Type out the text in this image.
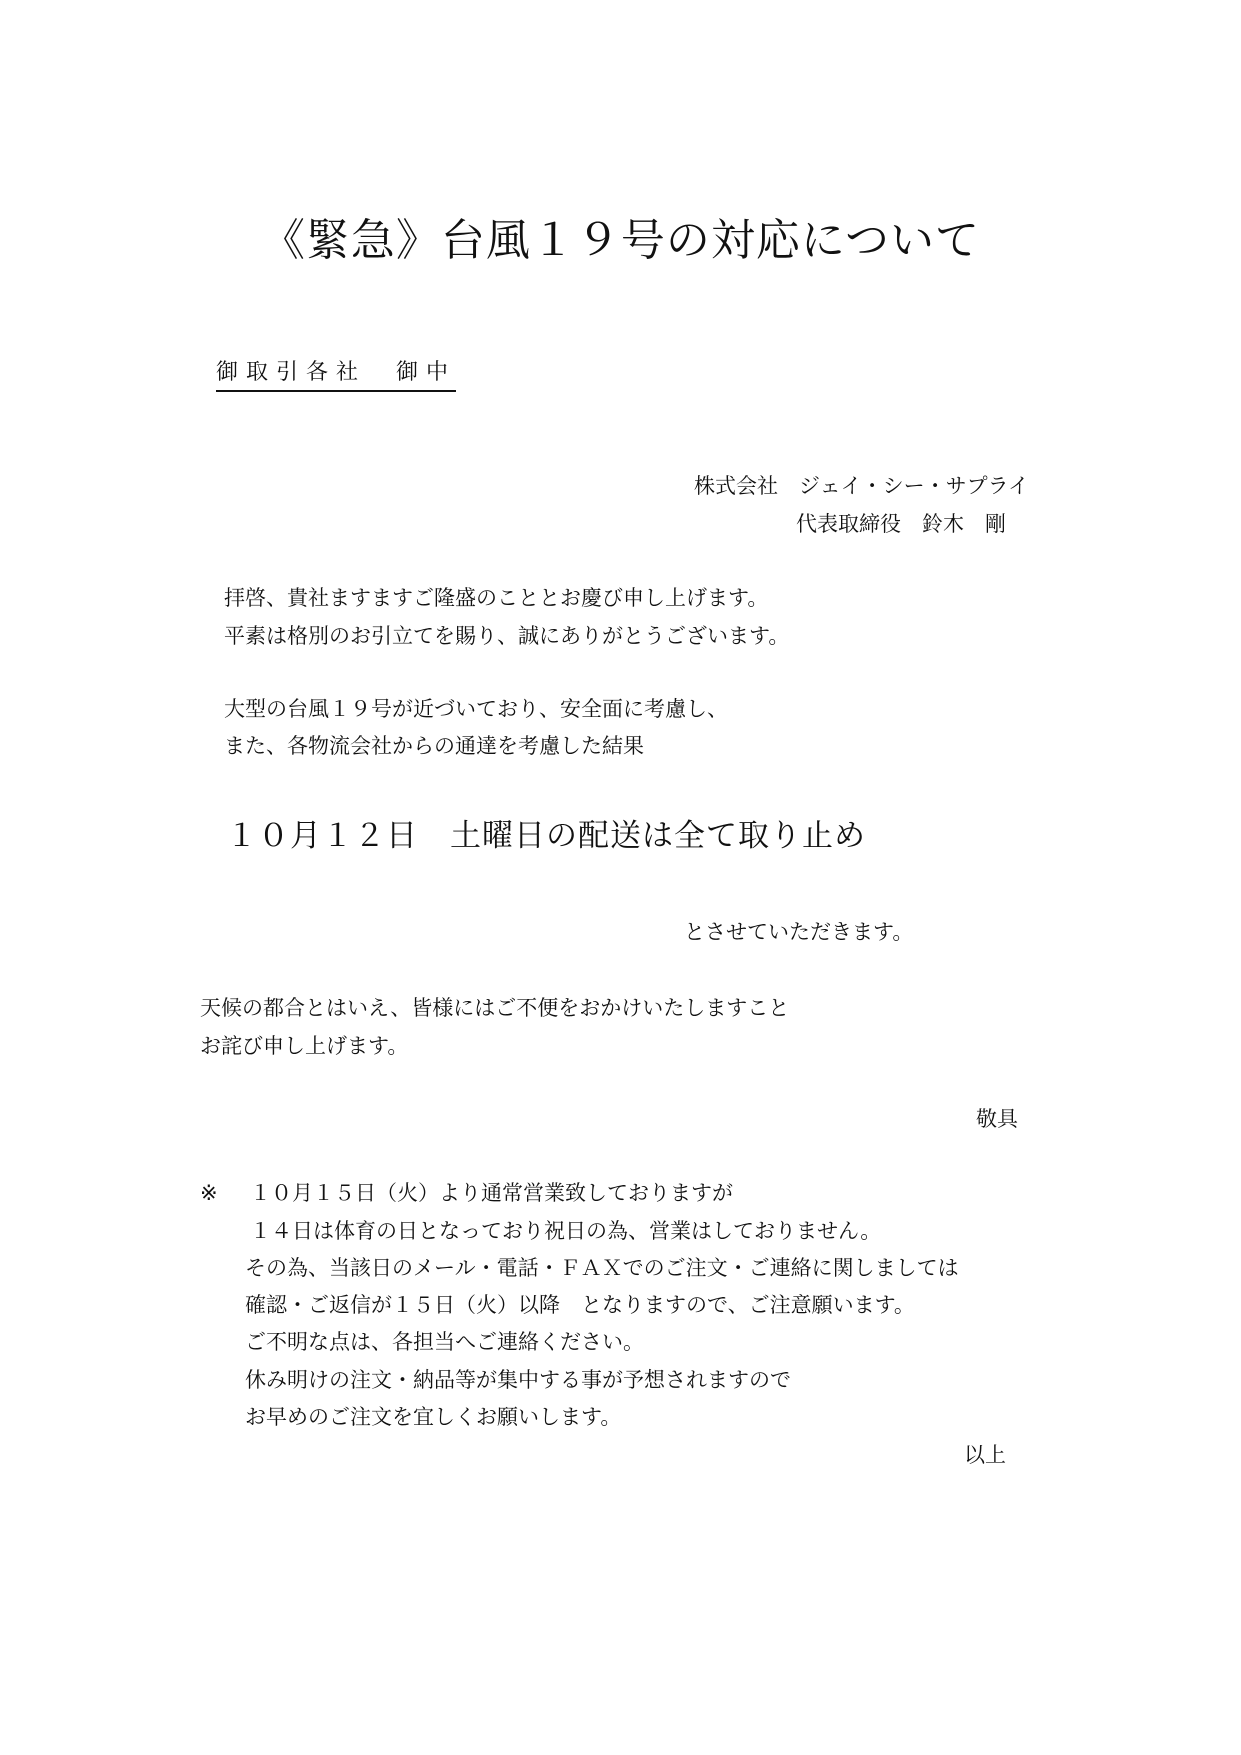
《緊急》台風１９号の対応について
御取引各社　御中
株式会社　ジェイ・シー・サプライ
代表取締役　鈴木　剛
拝啓、貴社ますますご隆盛のこととお慶び申し上げます。
平素は格別のお引立てを賜り、誠にありがとうございます。
大型の台風１９号が近づいており、安全面に考慮し、
また、各物流会社からの通達を考慮した結果
１０月１２日　土曜日の配送は全て取り止め
とさせていただきます。
天候の都合とはいえ、皆様にはご不便をおかけいたしますこと
お詫び申し上げます。
敬具
※ １０月１５日（火）より通常営業致しておりますが
１４日は体育の日となっており祝日の為、営業はしておりません。
その為、当該日のメール・電話・ＦＡＸでのご注文・ご連絡に関しましては
確認・ご返信が１５日（火）以降　となりますので、ご注意願います。
ご不明な点は、各担当へご連絡ください。
休み明けの注文・納品等が集中する事が予想されますので
お早めのご注文を宜しくお願いします。
以上
